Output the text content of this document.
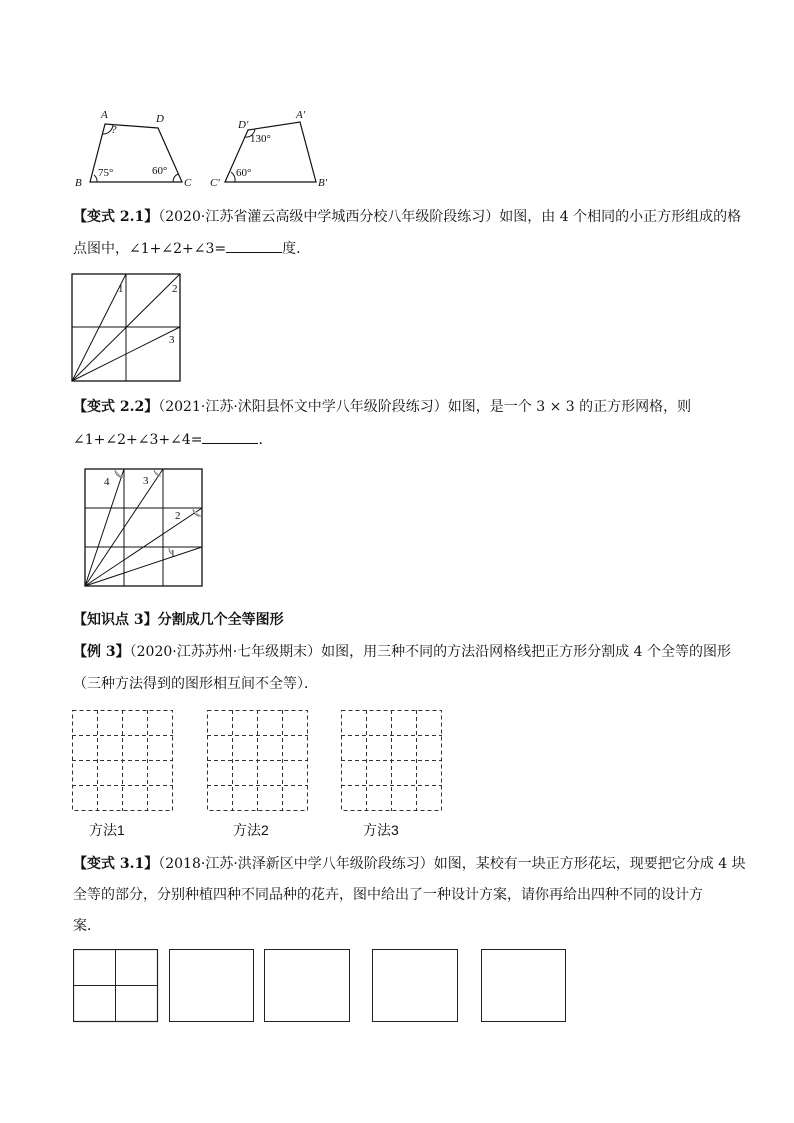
A	D
B	C
?
75°	60°
D′
A′
C′	B′
130°
60°
【变式 2.1】（2020·江苏省灌云高级中学城西分校八年级阶段练习）如图，由 4 个相同的小正方形组成的格
点图中，∠1+∠2+∠3=	度．
1	2
3
【变式 2.2】（2021·江苏·沭阳县怀文中学八年级阶段练习）如图，是一个 3 × 3 的正方形网格，则
∠1+∠2+∠3+∠4=	．
4	3
2
1
【知识点 3】分割成几个全等图形
【例 3】（2020·江苏苏州·七年级期末）如图，用三种不同的方法沿网格线把正方形分割成 4 个全等的图形
（三种方法得到的图形相互间不全等）．
方法1	方法2	方法3
【变式 3.1】（2018·江苏·洪泽新区中学八年级阶段练习）如图，某校有一块正方形花坛，现要把它分成 4 块
全等的部分，分别种植四种不同品种的花卉，图中给出了一种设计方案，请你再给出四种不同的设计方
案．
